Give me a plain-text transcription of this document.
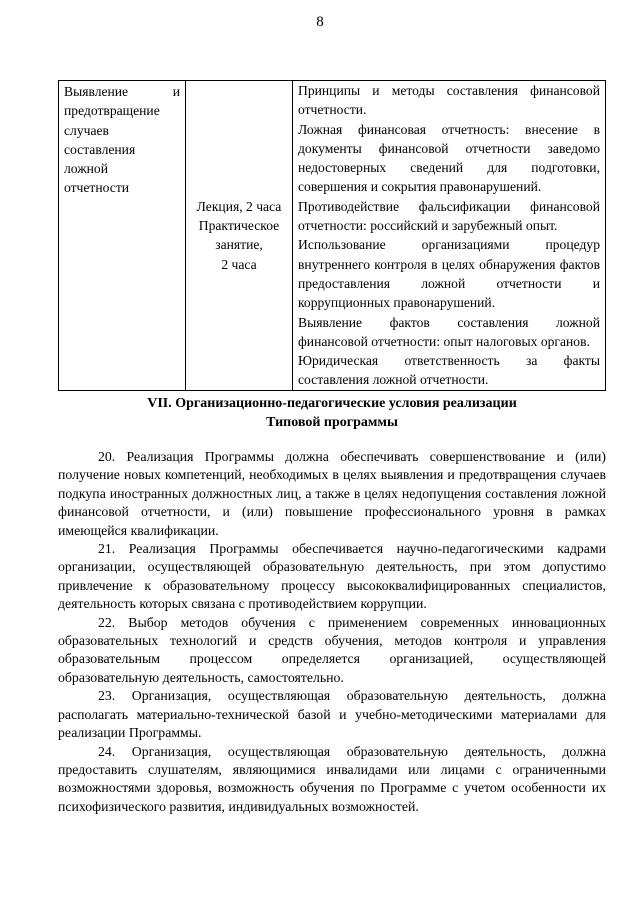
8
Выявление и
предотвращение
случаев
составления
ложной
отчетности

Лекция, 2 часа
Практическое
занятие,
2 часа

Принципы и методы составления финансовой отчетности.
Ложная финансовая отчетность: внесение в документы финансовой отчетности заведомо недостоверных сведений для подготовки, совершения и сокрытия правонарушений.
Противодействие фальсификации финансовой отчетности: российский и зарубежный опыт.
Использование организациями процедур внутреннего контроля в целях обнаружения фактов предоставления ложной отчетности и коррупционных правонарушений.
Выявление фактов составления ложной финансовой отчетности: опыт налоговых органов.
Юридическая ответственность за факты составления ложной отчетности.
VII. Организационно-педагогические условия реализации
Типовой программы

20. Реализация Программы должна обеспечивать совершенствование и (или) получение новых компетенций, необходимых в целях выявления и предотвращения случаев подкупа иностранных должностных лиц, а также в целях недопущения составления ложной финансовой отчетности, и (или) повышение профессионального уровня в рамках имеющейся квалификации.

21. Реализация Программы обеспечивается научно-педагогическими кадрами организации, осуществляющей образовательную деятельность, при этом допустимо привлечение к образовательному процессу высококвалифицированных специалистов, деятельность которых связана с противодействием коррупции.

22. Выбор методов обучения с применением современных инновационных образовательных технологий и средств обучения, методов контроля и управления образовательным процессом определяется организацией, осуществляющей образовательную деятельность, самостоятельно.

23. Организация, осуществляющая образовательную деятельность, должна располагать материально-технической базой и учебно-методическими материалами для реализации Программы.

24. Организация, осуществляющая образовательную деятельность, должна предоставить слушателям, являющимися инвалидами или лицами с ограниченными возможностями здоровья, возможность обучения по Программе с учетом особенности их психофизического развития, индивидуальных возможностей.
